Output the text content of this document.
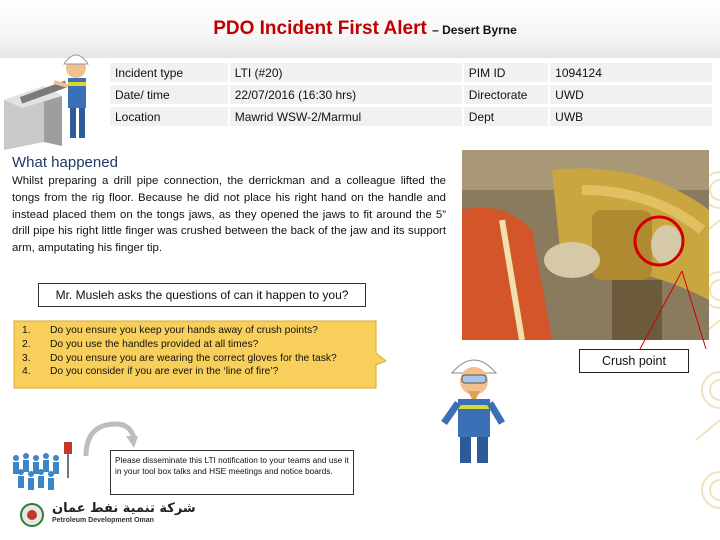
PDO Incident First Alert – Desert Byrne
Incident type	LTI (#20)	PIM ID	1094124
Date/ time	22/07/2016 (16:30 hrs)	Directorate	UWD
Location	Mawrid WSW-2/Marmul	Dept	UWB
What happened
Whilst preparing a drill pipe connection, the derrickman and a colleague lifted the tongs from the rig floor. Because he did not place his right hand on the handle and instead placed them on the tongs jaws, as they opened the jaws to fit around the 5” drill pipe his right little finger was crushed between the back of the jaw and its support arm, amputating his finger tip.
Crush point
Mr. Musleh asks the questions of can it happen to you?
1.	Do you ensure you keep your hands away of crush points?
2.	Do you use the handles provided at all times?
3.	Do you ensure you are wearing the correct gloves for the task?
4.	Do you consider if you are ever in the ‘line of fire’?
Please disseminate this LTI notification to your teams and use it in your tool box talks and HSE meetings and notice boards.
شركة تنمية نفط عمان
Petroleum Development Oman
